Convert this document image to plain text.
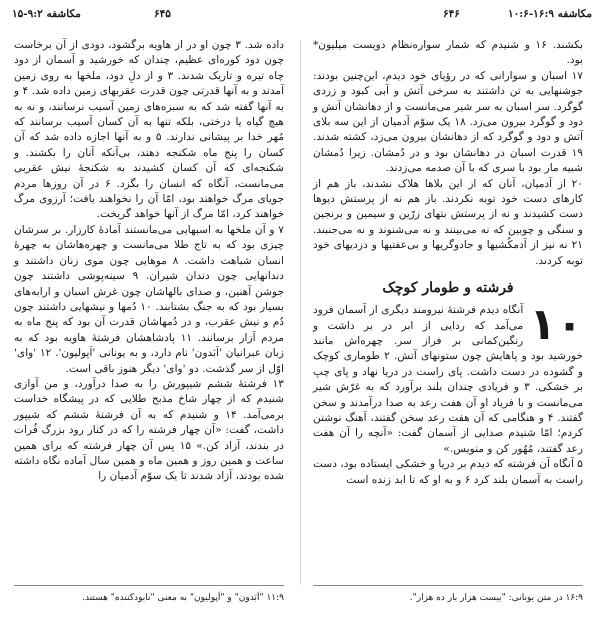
مکاشفه ۹:۲-۱۵	۶۴۵

داده شد. ۳ چون او در از هاویه برگشود، دودی از آن برخاست چون دود کوره‌ای عظیم، چندان که خورشید و آسمان از دود چاه تیره و تاریک شدند. ۳ و از دلِ دود، ملخها به روی زمین آمدند و به آنها قدرتی چون قدرت عقربهای زمین داده شد. ۴ و به آنها گفته شد که به سبزه‌های زمین آسیب نرسانند، و نه به هیچ گیاه یا درختی، بلکه تنها به آن کسان آسیب برسانند که مُهر خدا بر پیشانی ندارند. ۵ و به آنها اجازه داده شد که آن کسان را پنج ماه شکنجه دهند، بی‌آنکه آنان را بکشند. و شکنجه‌ای که آن کسان کشیدند به شکنجهٔ نیش عقربی می‌مانست، آنگاه که انسان را بگزد. ۶ در آن روزها مردم جویای مرگ خواهند بود، امّا آن را نخواهند یافت؛ آرزوی مرگ خواهند کرد، امّا مرگ از آنها خواهد گریخت.

۷ و آن ملخها به اسبهایی می‌مانستند آمادهٔ کارزار. بر سرشان چیزی بود که به تاج طلا می‌مانست و چهره‌هاشان به چهرهٔ انسان شباهت داشت. ۸ موهایی چون موی زنان داشتند و دندانهایی چون دندان شیران. ۹ سینه‌پوشی داشتند چون جوشن آهنین، و صدای بالهاشان چون غرش اسبان و ارابه‌های بسیار بود که به جنگ بشتابند. ۱۰ دُمها و نیشهایی داشتند چون دُم و نیش عقرب، و در دُمهاشان قدرت آن بود که پنج ماه به مردم آزار برسانند. ۱۱ پادشاهشان فرشتهٔ هاویه بود که به زبان عبرانیان 'اَبَدون' نام دارد، و به یونانی 'اَپولیون'. ۱۲ 'وای' اوّل از سر گذشت. دو 'وای' دیگر هنوز باقی است.

۱۳ فرشتهٔ ششم شیپورش را به صدا درآورد، و من آوازی شنیدم که از چهار شاخ مذبح طلایی که در پیشگاه خداست برمی‌آمد. ۱۴ و شنیدم که به آن فرشتهٔ ششم که شیپور داشت، گفت: «آن چهار فرشته را که در کنار رود بزرگ فُرات در بندند، آزاد کن.» ۱۵ پس آن چهار فرشته که برای همین ساعت و همین روز و همین ماه و همین سال آماده نگاه داشته شده بودند، آزاد شدند تا یک سوّم آدمیان را

۱۱:۹ "اَبَدون" و "اَپولیون" به معنی "نابودکننده" هستند.
۶۴۶	مکاشفه ۱۶:۹-۱۰:۶

بکشند. ۱۶ و شنیدم که شمار سواره‌نظام دویست میلیون* بود.

۱۷ اسبان و سوارانی که در رؤیای خود دیدم، این‌چنین بودند: جوشنهایی به تن داشتند به سرخی آتش و آبی کبود و زردی گوگرد. سر اسبان به سر شیر می‌مانست و از دهانشان آتش و دود و گوگرد بیرون می‌زد. ۱۸ یک سوّم آدمیان از این سه بلای آتش و دود و گوگرد که از دهانشان بیرون می‌زد، کشته شدند. ۱۹ قدرت اسبان در دهانشان بود و در دُمشان. زیرا دُمشان شبیه مار بود با سری که با آن صدمه می‌زدند.

۲۰ از آدمیان، آنان که از این بلاها هلاک نشدند، باز هم از کارهای دست خود توبه نکردند. باز هم نه از پرستش دیوها دست کشیدند و نه از پرستش بتهای زرّین و سیمین و برنجین و سنگی و چوبین که نه می‌بینند و نه می‌شنوند و نه می‌جنبند. ۲۱ نه نیز از آدمکُشیها و جادوگریها و بی‌عفتیها و دزدیهای خود توبه کردند.

فرشته و طومار کوچک
۱۰

آنگاه دیدم فرشتهٔ نیرومند دیگری از آسمان فرود می‌آمد که ردایی از ابر در بر داشت و رنگین‌کمانی بر فراز سر. چهره‌اش مانند خورشید بود و پاهایش چون ستونهای آتش. ۲ طوماری کوچک و گشوده در دست داشت. پای راست در دریا نهاد و پای چپ بر خشکی. ۳ و فریادی چندان بلند برآورد که به غرّش شیر می‌مانست و با فریاد او آن هفت رعد به صدا درآمدند و سخن گفتند. ۴ و هنگامی که آن هفت رعد سخن گفتند، آهنگ نوشتن کردم؛ امّا شنیدم صدایی از آسمان گفت: «آنچه را آن هفت رعد گفتند، مُهُور کن و منویس.»

۵ آنگاه آن فرشته که دیدم بر دریا و خشکی ایستاده بود، دست راست به آسمان بلند کرد ۶ و به او که تا ابد زنده است

۱۶:۹ در متن یونانی: "بیست هزار بار ده هزار".
